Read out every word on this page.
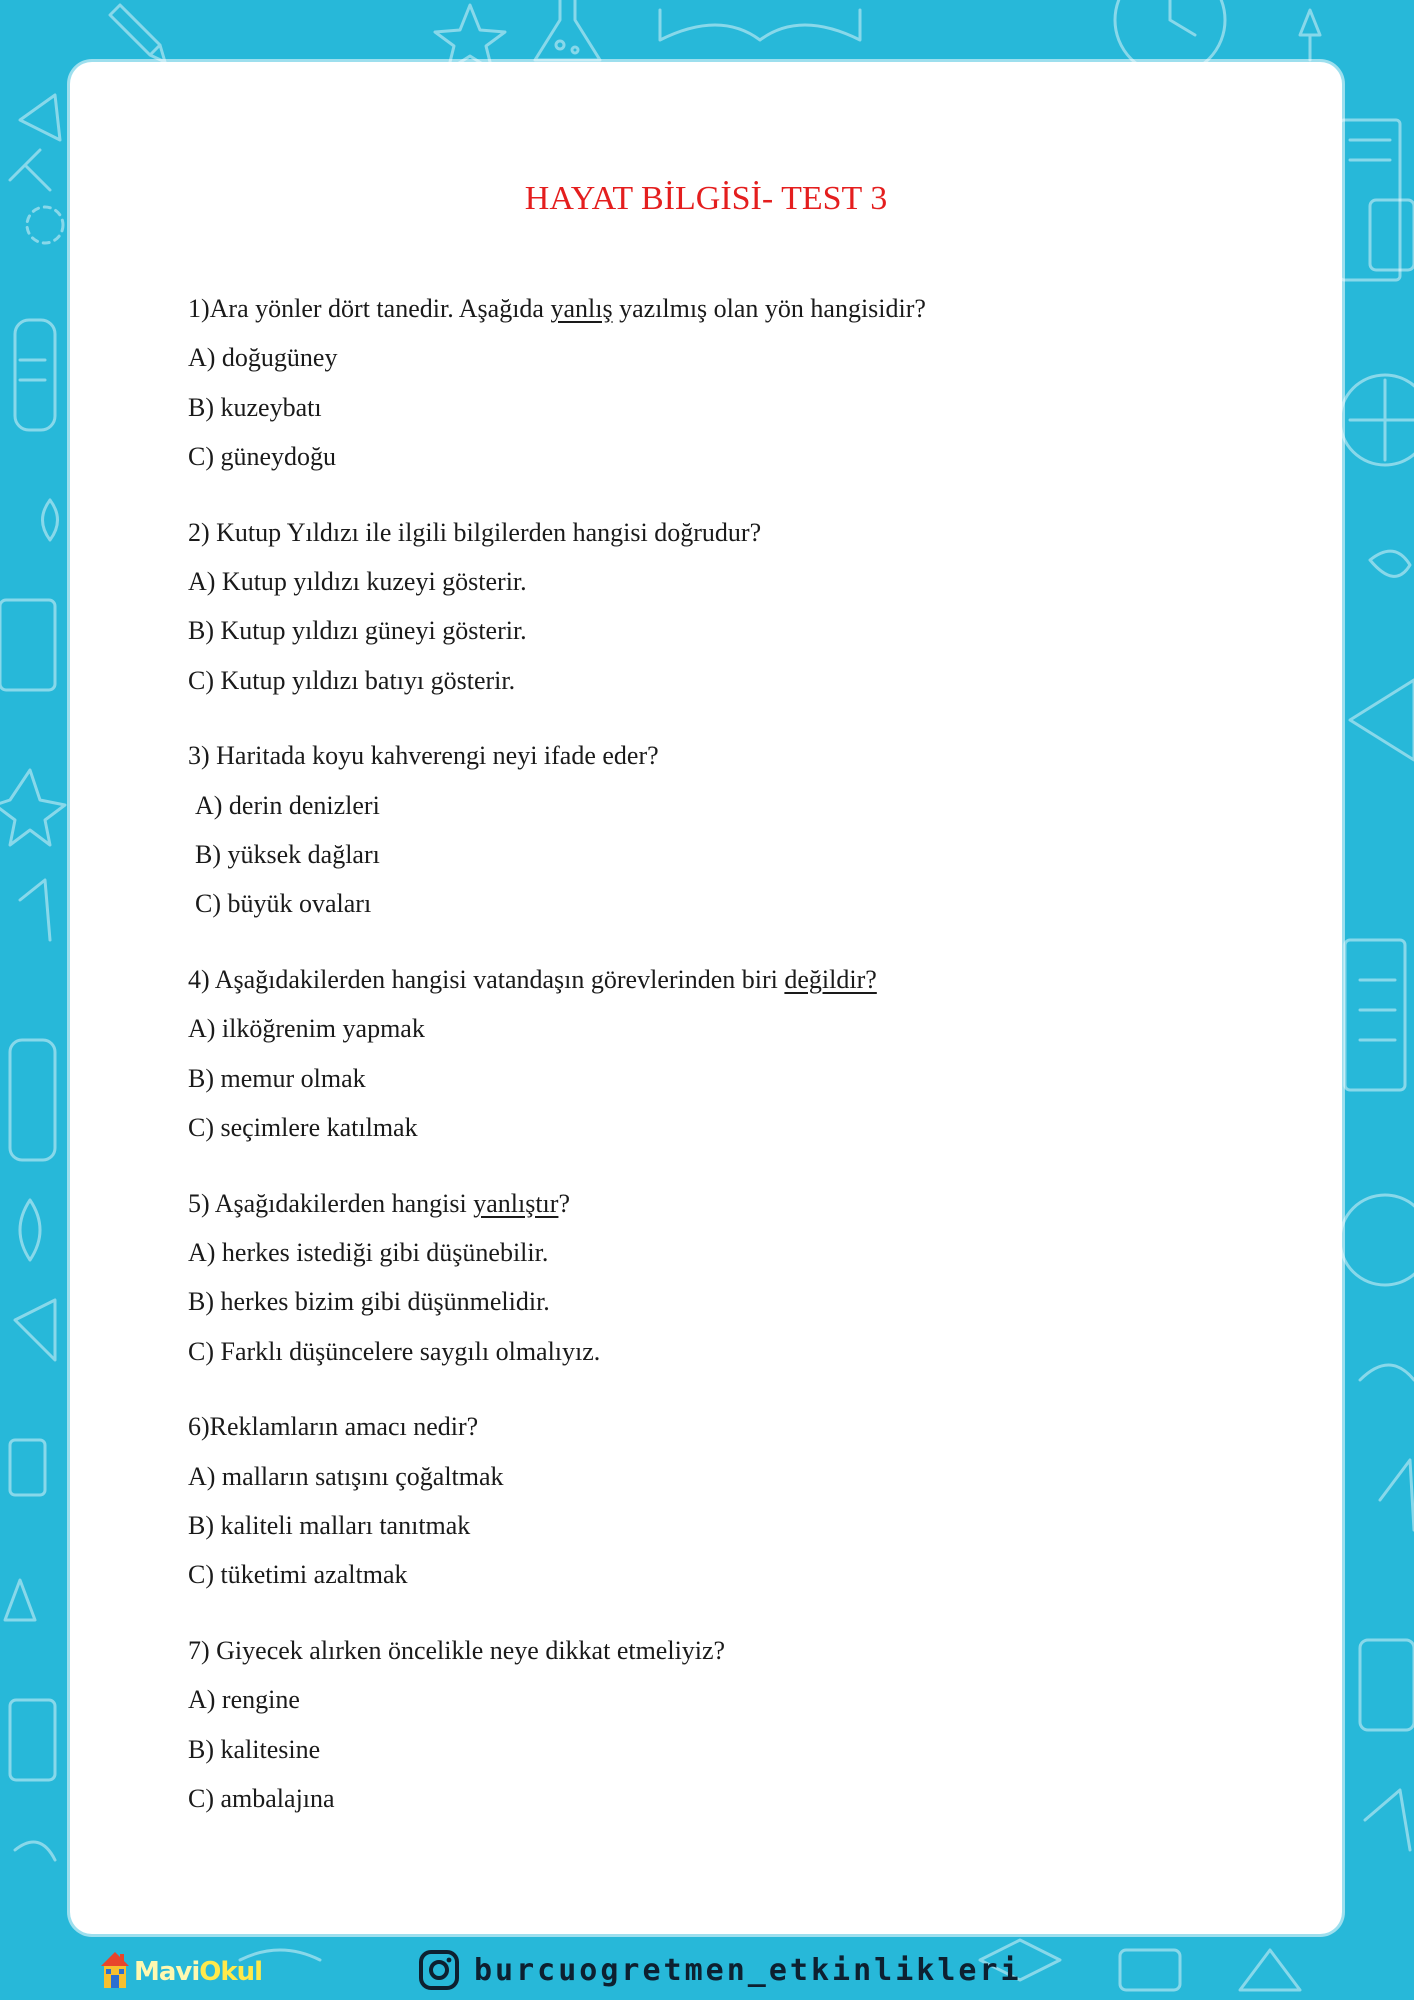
HAYAT BİLGİSİ- TEST 3
1)Ara yönler dört tanedir. Aşağıda yanlış yazılmış olan yön hangisidir?
A) doğugüney
B) kuzeybatı
C) güneydoğu
2) Kutup Yıldızı ile ilgili bilgilerden hangisi doğrudur?
A) Kutup yıldızı kuzeyi gösterir.
B) Kutup yıldızı güneyi gösterir.
C) Kutup yıldızı batıyı gösterir.
3) Haritada koyu kahverengi neyi ifade eder?
A) derin denizleri
B) yüksek dağları
C) büyük ovaları
4) Aşağıdakilerden hangisi vatandaşın görevlerinden biri değildir?
A) ilköğrenim yapmak
B) memur olmak
C) seçimlere katılmak
5) Aşağıdakilerden hangisi yanlıştır?
A) herkes istediği gibi düşünebilir.
B) herkes bizim gibi düşünmelidir.
C) Farklı düşüncelere saygılı olmalıyız.
6)Reklamların amacı nedir?
A) malların satışını çoğaltmak
B) kaliteli malları tanıtmak
C) tüketimi azaltmak
7) Giyecek alırken öncelikle neye dikkat etmeliyiz?
A) rengine
B) kalitesine
C) ambalajına
MaviOkul	burcuogretmen_etkinlikleri
